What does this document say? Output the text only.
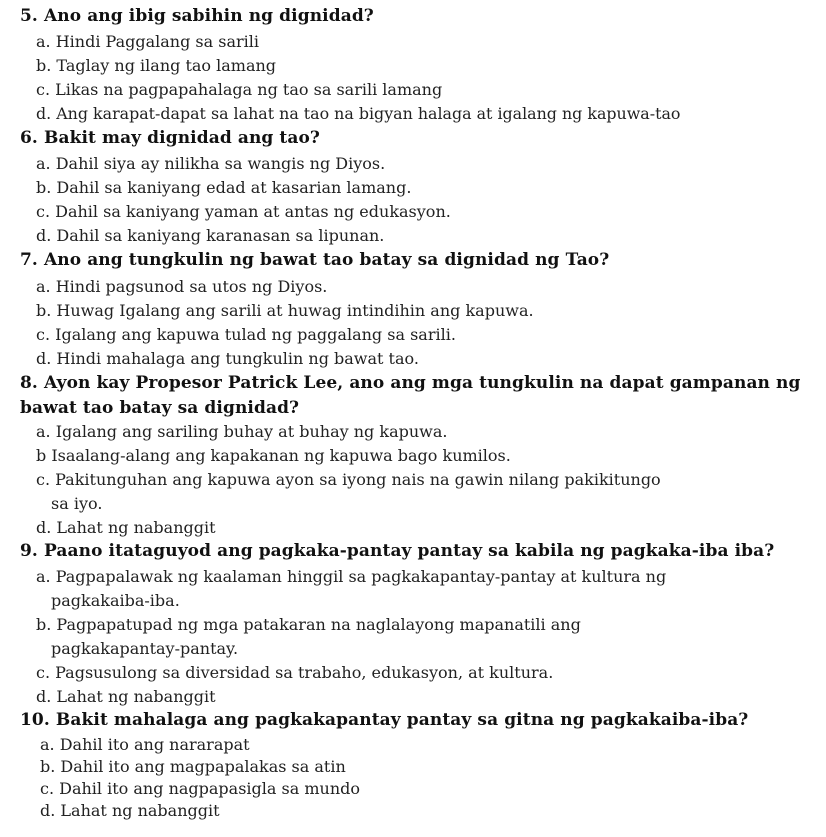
5. Ano ang ibig sabihin ng dignidad?
a. Hindi Paggalang sa sarili
b. Taglay ng ilang tao lamang
c. Likas na pagpapahalaga ng tao sa sarili lamang
d. Ang karapat-dapat sa lahat na tao na bigyan halaga at igalang ng kapuwa-tao
6. Bakit may dignidad ang tao?
a. Dahil siya ay nilikha sa wangis ng Diyos.
b. Dahil sa kaniyang edad at kasarian lamang.
c. Dahil sa kaniyang yaman at antas ng edukasyon.
d. Dahil sa kaniyang karanasan sa lipunan.
7. Ano ang tungkulin ng bawat tao batay sa dignidad ng Tao?
a. Hindi pagsunod sa utos ng Diyos.
b. Huwag Igalang ang sarili at huwag intindihin ang kapuwa.
c. Igalang ang kapuwa tulad ng paggalang sa sarili.
d. Hindi mahalaga ang tungkulin ng bawat tao.
8. Ayon kay Propesor Patrick Lee, ano ang mga tungkulin na dapat gampanan ng bawat tao batay sa dignidad?
a. Igalang ang sariling buhay at buhay ng kapuwa.
b Isaalang-alang ang kapakanan ng kapuwa bago kumilos.
c. Pakitunguhan ang kapuwa ayon sa iyong nais na gawin nilang pakikitungo
sa iyo.
d. Lahat ng nabanggit
9. Paano itataguyod ang pagkaka-pantay pantay sa kabila ng pagkaka-iba iba?
a. Pagpapalawak ng kaalaman hinggil sa pagkakapantay-pantay at kultura ng
pagkakaiba-iba.
b. Pagpapatupad ng mga patakaran na naglalayong mapanatili ang
pagkakapantay-pantay.
c. Pagsusulong sa diversidad sa trabaho, edukasyon, at kultura.
d. Lahat ng nabanggit
10. Bakit mahalaga ang pagkakapantay pantay sa gitna ng pagkakaiba-iba?
a. Dahil ito ang nararapat
b. Dahil ito ang magpapalakas sa atin
c. Dahil ito ang nagpapasigla sa mundo
d. Lahat ng nabanggit
